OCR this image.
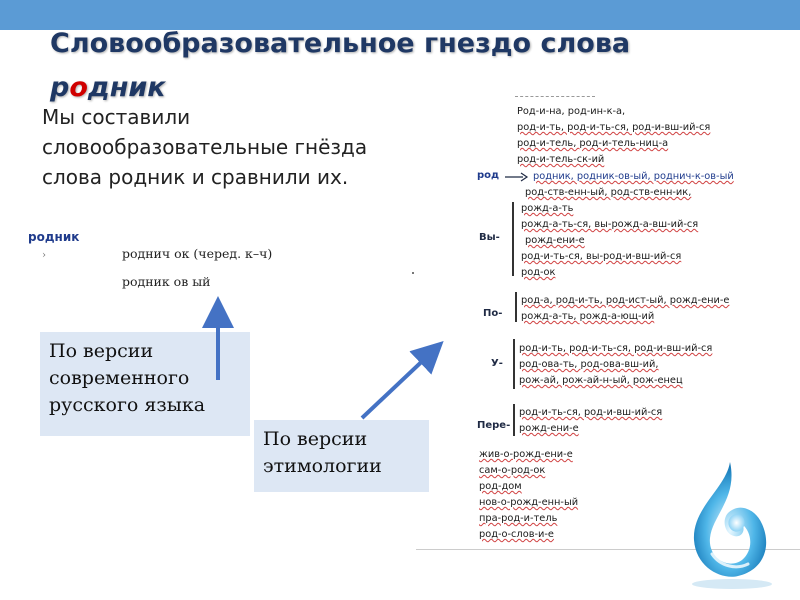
Словообразовательное гнездо слова
родник
Мы составили
словообразовательные гнёзда
слова родник и сравнили их.
родник
›	роднич ок (черед. к–ч)
родник ов ый
По версии
современного
русского языка
По версии
этимологии
Род-и-на, род-ин-к-а,
род-и-ть, род-и-ть-ся, род-и-вш-ий-ся
род-и-тель, род-и-тель-ниц-а
род-и-тель-ск-ий
род	родник, родник-ов-ый, роднич-к-ов-ый
род-ств-енн-ый, род-ств-енн-ик,
Вы-
рожд-а-ть
рожд-а-ть-ся, вы-рожд-а-вш-ий-ся
рожд-ени-е
род-и-ть-ся, вы-род-и-вш-ий-ся
род-ок
По-
род-а, род-и-ть, род-ист-ый, рожд-ени-е
рожд-а-ть, рожд-а-ющ-ий
У-
род-и-ть, род-и-ть-ся, род-и-вш-ий-ся
род-ова-ть, род-ова-вш-ий,
рож-ай, рож-ай-н-ый, рож-енец
Пере-
род-и-ть-ся, род-и-вш-ий-ся
рожд-ени-е
жив-о-рожд-ени-е
сам-о-род-ок
род-дом
нов-о-рожд-енн-ый
пра-род-и-тель
род-о-слов-и-е
